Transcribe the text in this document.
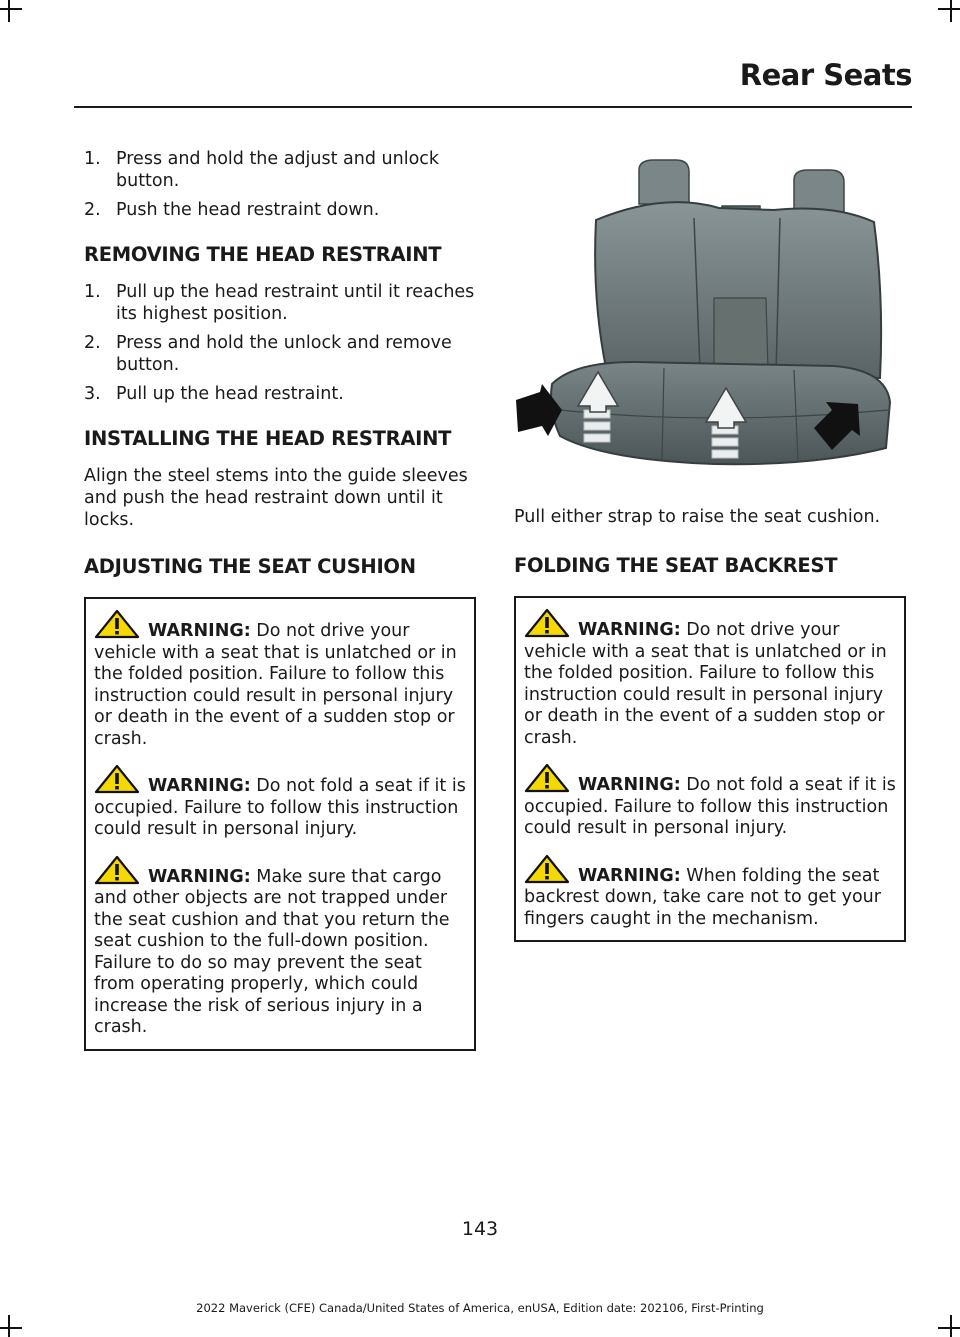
Rear Seats
1. Press and hold the adjust and unlock button.
2. Push the head restraint down.
REMOVING THE HEAD RESTRAINT
1. Pull up the head restraint until it reaches its highest position.
2. Press and hold the unlock and remove button.
3. Pull up the head restraint.
INSTALLING THE HEAD RESTRAINT

Align the steel stems into the guide sleeves and push the head restraint down until it locks.

ADJUSTING THE SEAT CUSHION

WARNING: Do not drive your vehicle with a seat that is unlatched or in the folded position. Failure to follow this instruction could result in personal injury or death in the event of a sudden stop or crash.

WARNING: Do not fold a seat if it is occupied. Failure to follow this instruction could result in personal injury.

WARNING: Make sure that cargo and other objects are not trapped under the seat cushion and that you return the seat cushion to the full-down position. Failure to do so may prevent the seat from operating properly, which could increase the risk of serious injury in a crash.

Pull either strap to raise the seat cushion.

FOLDING THE SEAT BACKREST

WARNING: Do not drive your vehicle with a seat that is unlatched or in the folded position. Failure to follow this instruction could result in personal injury or death in the event of a sudden stop or crash.

WARNING: Do not fold a seat if it is occupied. Failure to follow this instruction could result in personal injury.

WARNING: When folding the seat backrest down, take care not to get your fingers caught in the mechanism.

143
2022 Maverick (CFE) Canada/United States of America, enUSA, Edition date: 202106, First-Printing
